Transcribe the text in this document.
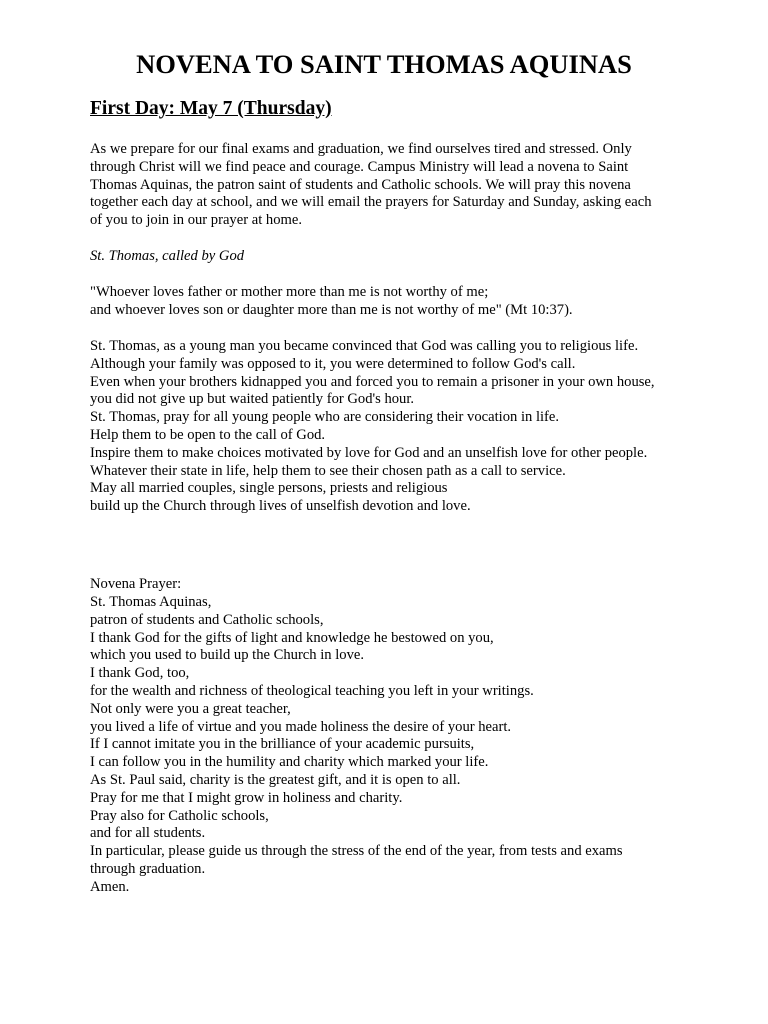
NOVENA TO SAINT THOMAS AQUINAS
First Day: May 7 (Thursday)
As we prepare for our final exams and graduation, we find ourselves tired and stressed. Only
through Christ will we find peace and courage. Campus Ministry will lead a novena to Saint
Thomas Aquinas, the patron saint of students and Catholic schools. We will pray this novena
together each day at school, and we will email the prayers for Saturday and Sunday, asking each
of you to join in our prayer at home.
St. Thomas, called by God
"Whoever loves father or mother more than me is not worthy of me;
and whoever loves son or daughter more than me is not worthy of me" (Mt 10:37).
St. Thomas, as a young man you became convinced that God was calling you to religious life.
Although your family was opposed to it, you were determined to follow God's call.
Even when your brothers kidnapped you and forced you to remain a prisoner in your own house,
you did not give up but waited patiently for God's hour.
St. Thomas, pray for all young people who are considering their vocation in life.
Help them to be open to the call of God.
Inspire them to make choices motivated by love for God and an unselfish love for other people.
Whatever their state in life, help them to see their chosen path as a call to service.
May all married couples, single persons, priests and religious
build up the Church through lives of unselfish devotion and love.
Novena Prayer:
St. Thomas Aquinas,
patron of students and Catholic schools,
I thank God for the gifts of light and knowledge he bestowed on you,
which you used to build up the Church in love.
I thank God, too,
for the wealth and richness of theological teaching you left in your writings.
Not only were you a great teacher,
you lived a life of virtue and you made holiness the desire of your heart.
If I cannot imitate you in the brilliance of your academic pursuits,
I can follow you in the humility and charity which marked your life.
As St. Paul said, charity is the greatest gift, and it is open to all.
Pray for me that I might grow in holiness and charity.
Pray also for Catholic schools,
and for all students.
In particular, please guide us through the stress of the end of the year, from tests and exams
through graduation.
Amen.
